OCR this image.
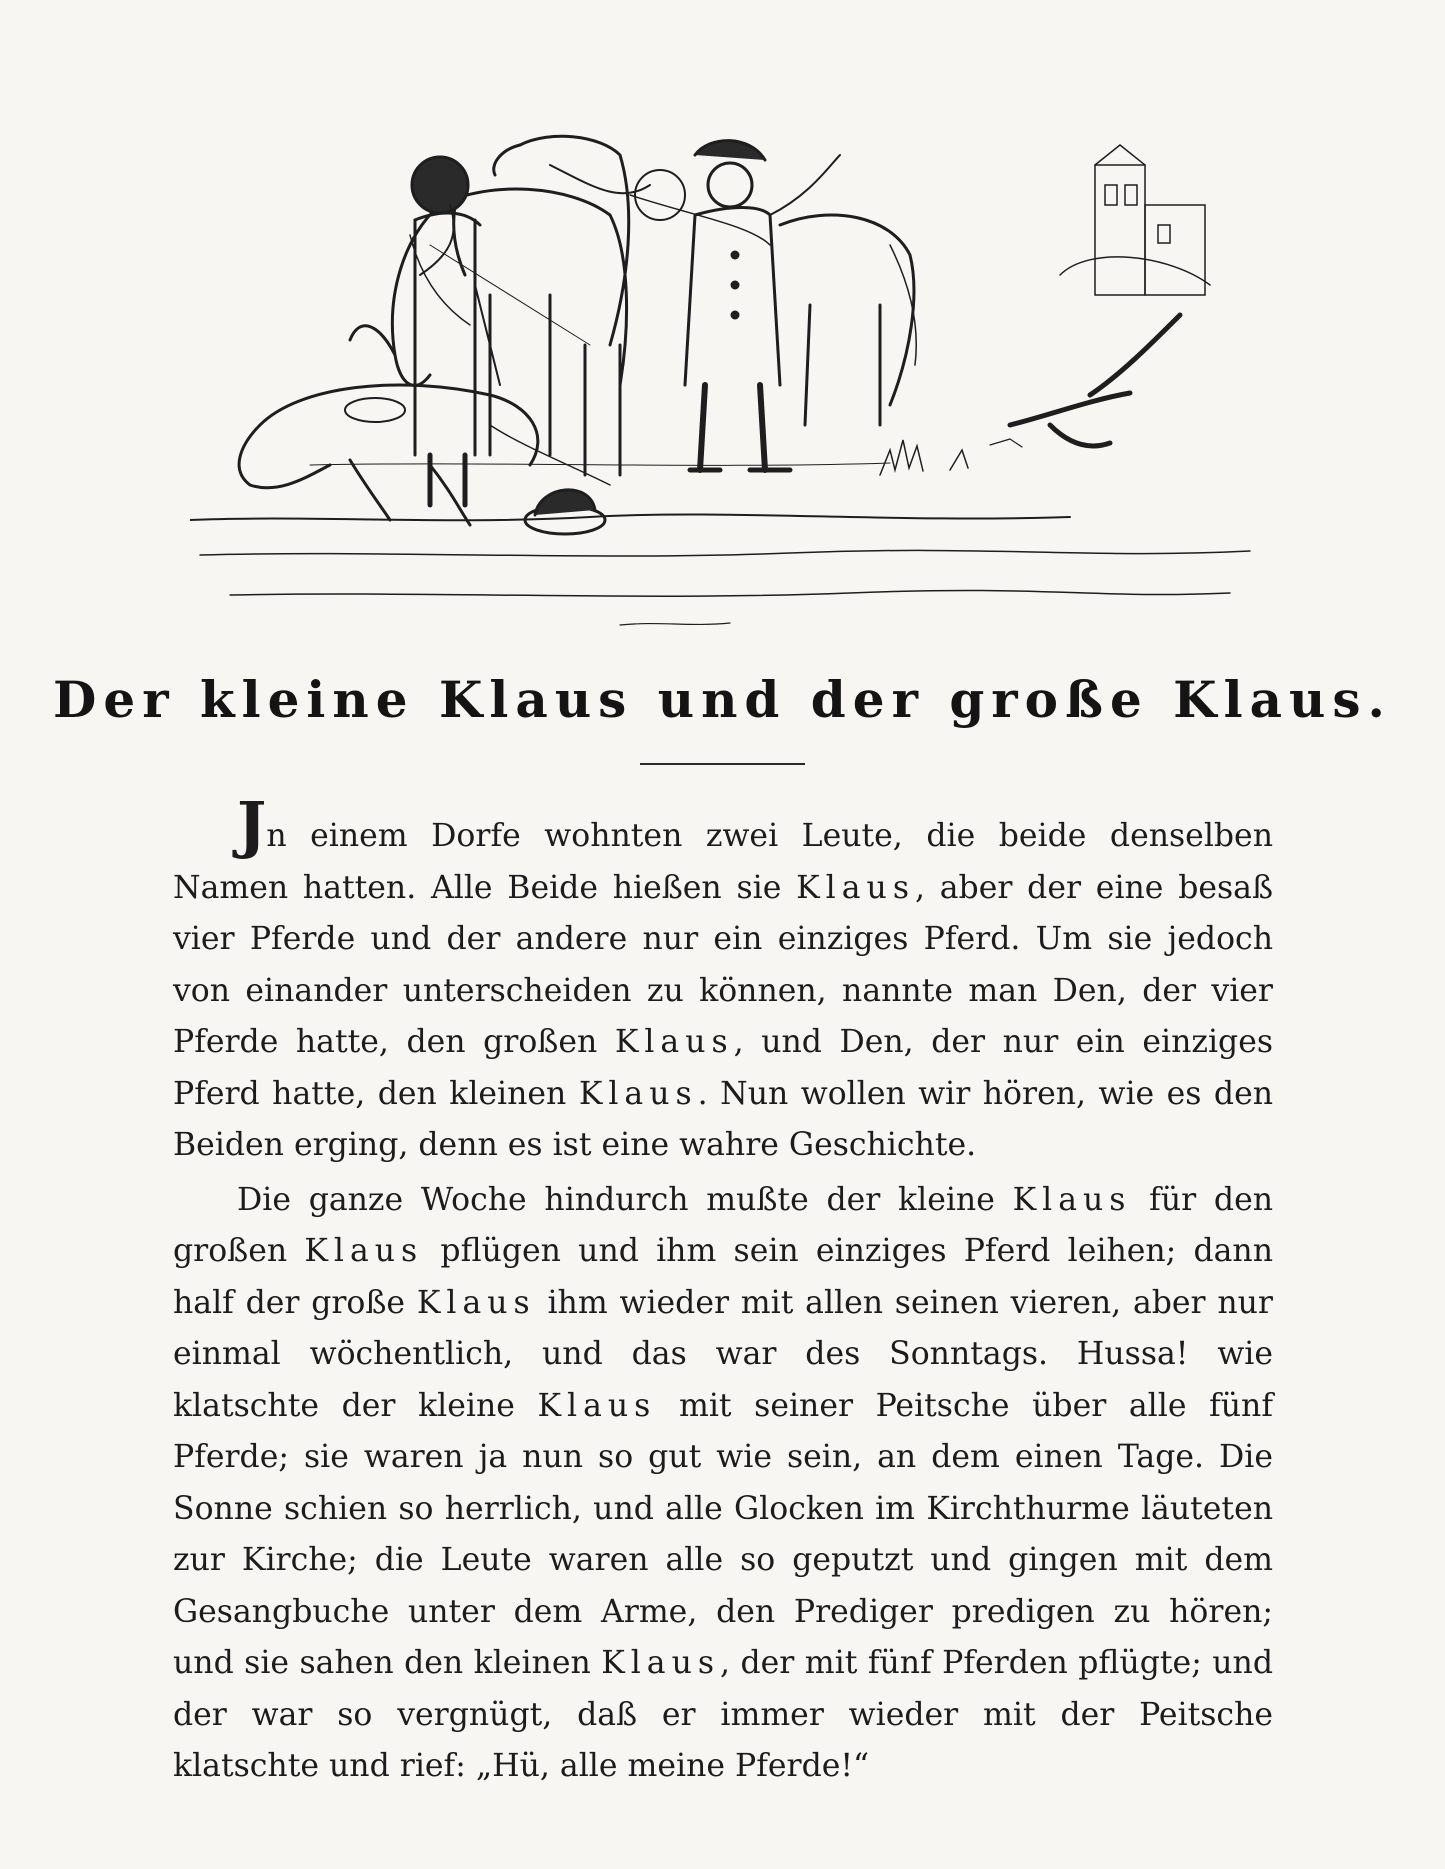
Der kleine Klaus und der große Klaus.

Jn einem Dorfe wohnten zwei Leute, die beide denselben Namen hatten. Alle Beide hießen sie Klaus, aber der eine besaß vier Pferde und der andere nur ein einziges Pferd. Um sie jedoch von einander unterscheiden zu können, nannte man Den, der vier Pferde hatte, den großen Klaus, und Den, der nur ein einziges Pferd hatte, den kleinen Klaus. Nun wollen wir hören, wie es den Beiden erging, denn es ist eine wahre Geschichte.

Die ganze Woche hindurch mußte der kleine Klaus für den großen Klaus pflügen und ihm sein einziges Pferd leihen; dann half der große Klaus ihm wieder mit allen seinen vieren, aber nur einmal wöchentlich, und das war des Sonntags. Hussa! wie klatschte der kleine Klaus mit seiner Peitsche über alle fünf Pferde; sie waren ja nun so gut wie sein, an dem einen Tage. Die Sonne schien so herrlich, und alle Glocken im Kirchthurme läuteten zur Kirche; die Leute waren alle so geputzt und gingen mit dem Gesangbuche unter dem Arme, den Prediger predigen zu hören; und sie sahen den kleinen Klaus, der mit fünf Pferden pflügte; und der war so vergnügt, daß er immer wieder mit der Peitsche klatschte und rief: „Hü, alle meine Pferde!“
